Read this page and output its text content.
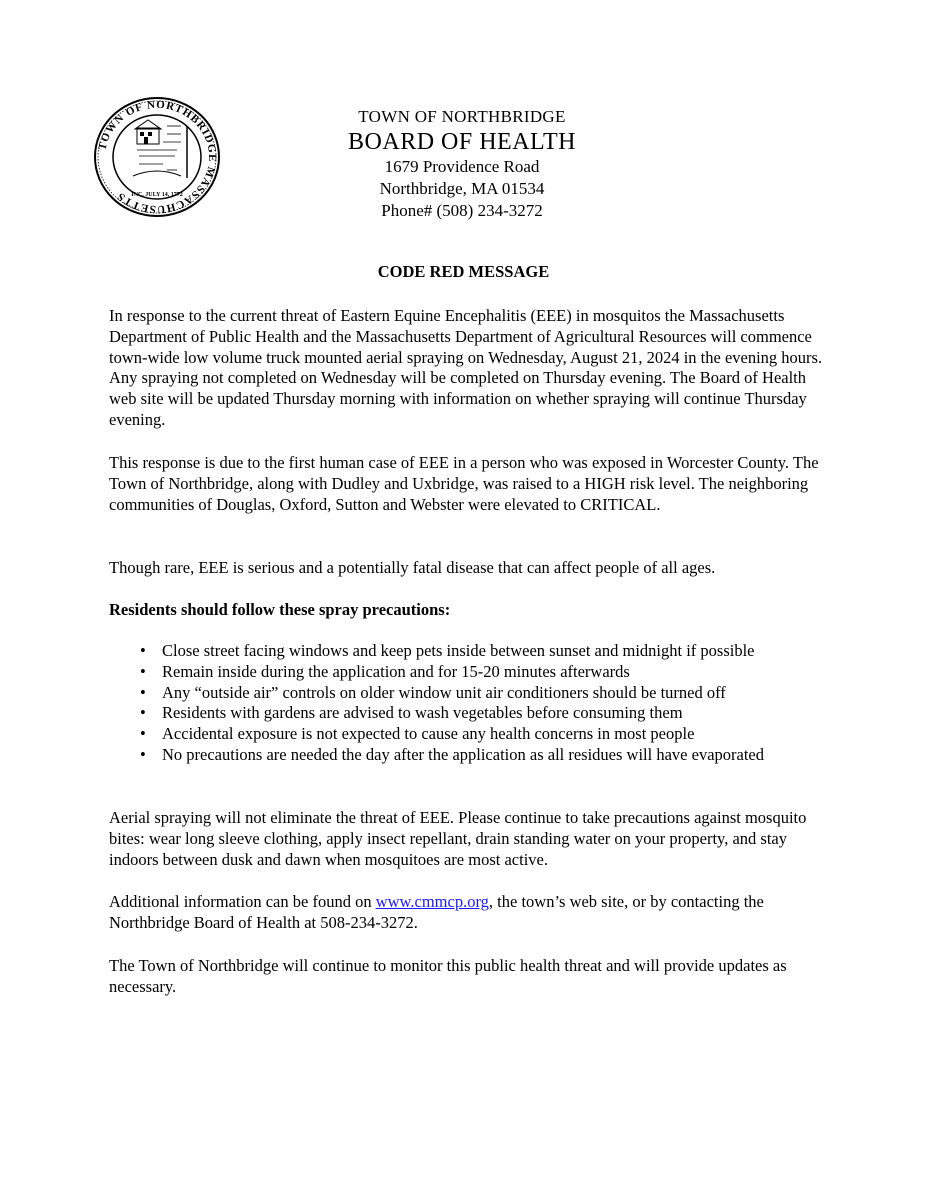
TOWN OF NORTHBRIDGE MASSACHUSETTS INC. JULY 14, 1772
TOWN OF NORTHBRIDGE
BOARD OF HEALTH
1679 Providence Road
Northbridge, MA 01534
Phone# (508) 234-3272
CODE RED MESSAGE

In response to the current threat of Eastern Equine Encephalitis (EEE) in mosquitos the Massachusetts Department of Public Health and the Massachusetts Department of Agricultural Resources will commence town-wide low volume truck mounted aerial spraying on Wednesday, August 21, 2024 in the evening hours. Any spraying not completed on Wednesday will be completed on Thursday evening. The Board of Health web site will be updated Thursday morning with information on whether spraying will continue Thursday evening.

This response is due to the first human case of EEE in a person who was exposed in Worcester County. The Town of Northbridge, along with Dudley and Uxbridge, was raised to a HIGH risk level. The neighboring communities of Douglas, Oxford, Sutton and Webster were elevated to CRITICAL.

Though rare, EEE is serious and a potentially fatal disease that can affect people of all ages.

Residents should follow these spray precautions:

• Close street facing windows and keep pets inside between sunset and midnight if possible
• Remain inside during the application and for 15-20 minutes afterwards
• Any “outside air” controls on older window unit air conditioners should be turned off
• Residents with gardens are advised to wash vegetables before consuming them
• Accidental exposure is not expected to cause any health concerns in most people
• No precautions are needed the day after the application as all residues will have evaporated

Aerial spraying will not eliminate the threat of EEE. Please continue to take precautions against mosquito bites: wear long sleeve clothing, apply insect repellant, drain standing water on your property, and stay indoors between dusk and dawn when mosquitoes are most active.

Additional information can be found on www.cmmcp.org, the town’s web site, or by contacting the Northbridge Board of Health at 508-234-3272.

The Town of Northbridge will continue to monitor this public health threat and will provide updates as necessary.
